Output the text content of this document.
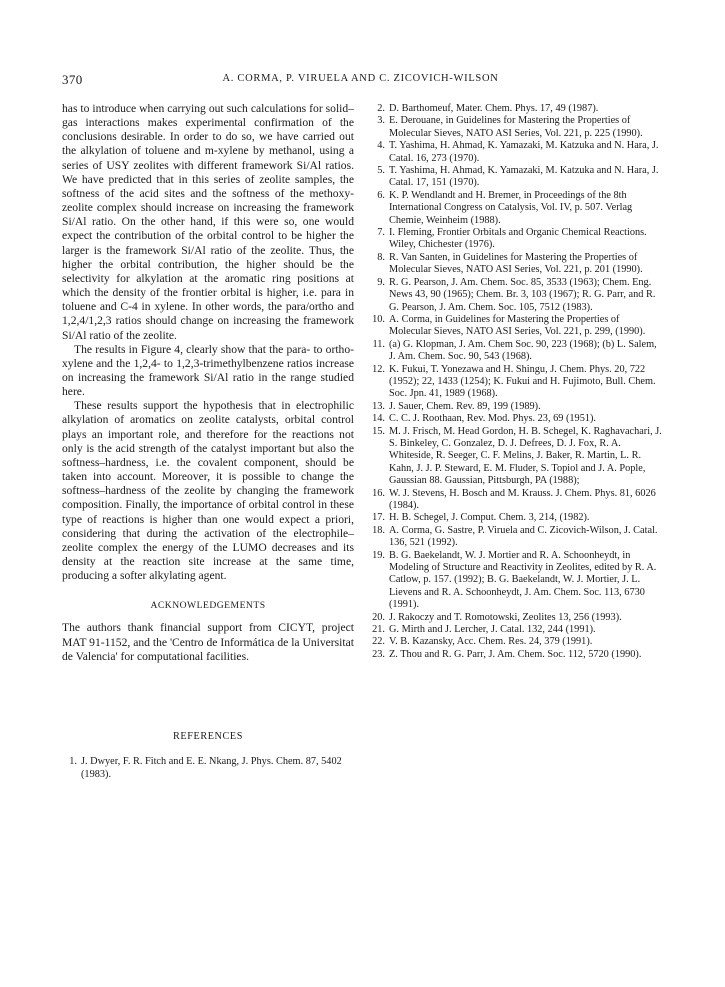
370	A. CORMA, P. VIRUELA AND C. ZICOVICH-WILSON

has to introduce when carrying out such calculations for solid–gas interactions makes experimental confirmation of the conclusions desirable. In order to do so, we have carried out the alkylation of toluene and m-xylene by methanol, using a series of USY zeolites with different framework Si/Al ratios. We have predicted that in this series of zeolite samples, the softness of the acid sites and the softness of the methoxy-zeolite complex should increase on increasing the framework Si/Al ratio. On the other hand, if this were so, one would expect the contribution of the orbital control to be higher the larger is the framework Si/Al ratio of the zeolite. Thus, the higher the orbital contribution, the higher should be the selectivity for alkylation at the aromatic ring positions at which the density of the frontier orbital is higher, i.e. para in toluene and C-4 in xylene. In other words, the para/ortho and 1,2,4/1,2,3 ratios should change on increasing the framework Si/Al ratio of the zeolite.

The results in Figure 4, clearly show that the para- to ortho-xylene and the 1,2,4- to 1,2,3-trimethylbenzene ratios increase on increasing the framework Si/Al ratio in the range studied here.

These results support the hypothesis that in electrophilic alkylation of aromatics on zeolite catalysts, orbital control plays an important role, and therefore for the reactions not only is the acid strength of the catalyst important but also the softness–hardness, i.e. the covalent component, should be taken into account. Moreover, it is possible to change the softness–hardness of the zeolite by changing the framework composition. Finally, the importance of orbital control in these type of reactions is higher than one would expect a priori, considering that during the activation of the electrophile–zeolite complex the energy of the LUMO decreases and its density at the reaction site increase at the same time, producing a softer alkylating agent.

ACKNOWLEDGEMENTS

The authors thank financial support from CICYT, project MAT 91-1152, and the 'Centro de Informática de la Universitat de Valencia' for computational facilities.

REFERENCES
1. J. Dwyer, F. R. Fitch and E. E. Nkang, J. Phys. Chem. 87, 5402 (1983).
2. D. Barthomeuf, Mater. Chem. Phys. 17, 49 (1987).
3. E. Derouane, in Guidelines for Mastering the Properties of Molecular Sieves, NATO ASI Series, Vol. 221, p. 225 (1990).
4. T. Yashima, H. Ahmad, K. Yamazaki, M. Katzuka and N. Hara, J. Catal. 16, 273 (1970).
5. T. Yashima, H. Ahmad, K. Yamazaki, M. Katzuka and N. Hara, J. Catal. 17, 151 (1970).
6. K. P. Wendlandt and H. Bremer, in Proceedings of the 8th International Congress on Catalysis, Vol. IV, p. 507. Verlag Chemie, Weinheim (1988).
7. I. Fleming, Frontier Orbitals and Organic Chemical Reactions. Wiley, Chichester (1976).
8. R. Van Santen, in Guidelines for Mastering the Properties of Molecular Sieves, NATO ASI Series, Vol. 221, p. 201 (1990).
9. R. G. Pearson, J. Am. Chem. Soc. 85, 3533 (1963); Chem. Eng. News 43, 90 (1965); Chem. Br. 3, 103 (1967); R. G. Parr, and R. G. Pearson, J. Am. Chem. Soc. 105, 7512 (1983).
10. A. Corma, in Guidelines for Mastering the Properties of Molecular Sieves, NATO ASI Series, Vol. 221, p. 299, (1990).
11. (a) G. Klopman, J. Am. Chem Soc. 90, 223 (1968); (b) L. Salem, J. Am. Chem. Soc. 90, 543 (1968).
12. K. Fukui, T. Yonezawa and H. Shingu, J. Chem. Phys. 20, 722 (1952); 22, 1433 (1254); K. Fukui and H. Fujimoto, Bull. Chem. Soc. Jpn. 41, 1989 (1968).
13. J. Sauer, Chem. Rev. 89, 199 (1989).
14. C. C. J. Roothaan, Rev. Mod. Phys. 23, 69 (1951).
15. M. J. Frisch, M. Head Gordon, H. B. Schegel, K. Raghavachari, J. S. Binkeley, C. Gonzalez, D. J. Defrees, D. J. Fox, R. A. Whiteside, R. Seeger, C. F. Melins, J. Baker, R. Martin, L. R. Kahn, J. J. P. Steward, E. M. Fluder, S. Topiol and J. A. Pople, Gaussian 88. Gaussian, Pittsburgh, PA (1988);
16. W. J. Stevens, H. Bosch and M. Krauss. J. Chem. Phys. 81, 6026 (1984).
17. H. B. Schegel, J. Comput. Chem. 3, 214, (1982).
18. A. Corma, G. Sastre, P. Viruela and C. Zicovich-Wilson, J. Catal. 136, 521 (1992).
19. B. G. Baekelandt, W. J. Mortier and R. A. Schoonheydt, in Modeling of Structure and Reactivity in Zeolites, edited by R. A. Catlow, p. 157. (1992); B. G. Baekelandt, W. J. Mortier, J. L. Lievens and R. A. Schoonheydt, J. Am. Chem. Soc. 113, 6730 (1991).
20. J. Rakoczy and T. Romotowski, Zeolites 13, 256 (1993).
21. G. Mirth and J. Lercher, J. Catal. 132, 244 (1991).
22. V. B. Kazansky, Acc. Chem. Res. 24, 379 (1991).
23. Z. Thou and R. G. Parr, J. Am. Chem. Soc. 112, 5720 (1990).
